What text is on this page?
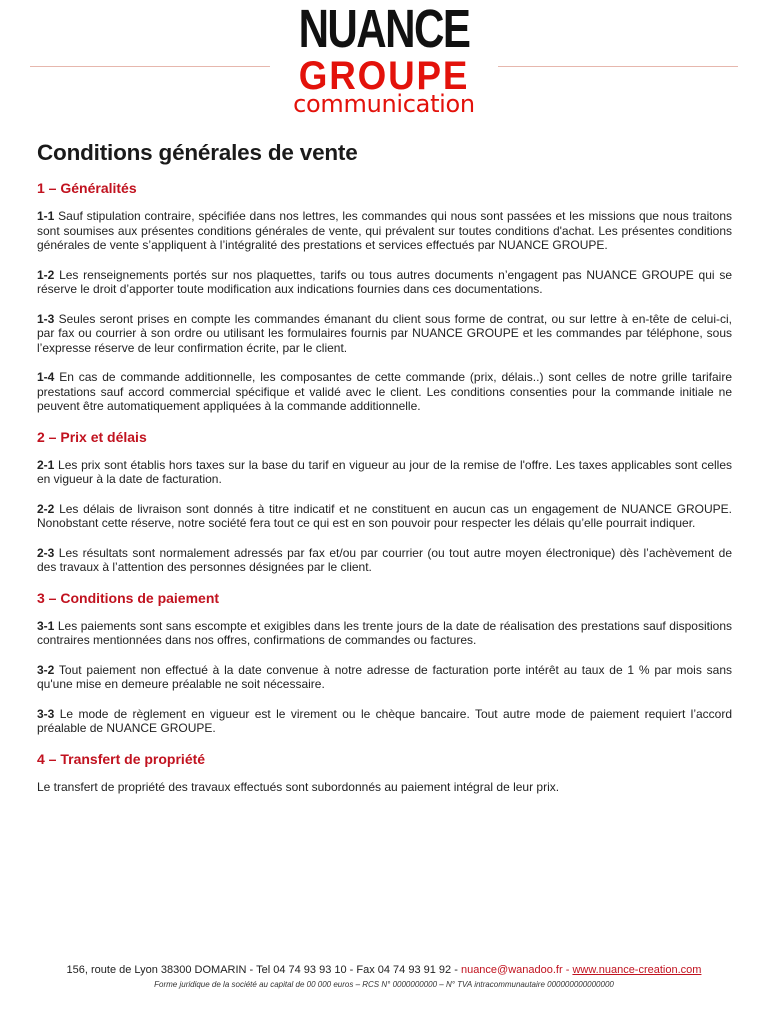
NUANCE
GROUPE
communication
Conditions générales de vente
1 – Généralités

1-1 Sauf stipulation contraire, spécifiée dans nos lettres, les commandes qui nous sont passées et les missions que nous traitons sont soumises aux présentes conditions générales de vente, qui prévalent sur toutes conditions d'achat. Les présentes conditions générales de vente s’appliquent à l’intégralité des prestations et services effectués par NUANCE GROUPE.

1-2 Les renseignements portés sur nos plaquettes, tarifs ou tous autres documents n’engagent pas NUANCE GROUPE qui se réserve le droit d’apporter toute modification aux indications fournies dans ces documentations.

1-3 Seules seront prises en compte les commandes émanant du client sous forme de contrat, ou sur lettre à en-tête de celui-ci, par fax ou courrier à son ordre ou utilisant les formulaires fournis par NUANCE GROUPE et les commandes par téléphone, sous l’expresse réserve de leur confirmation écrite, par le client.

1-4 En cas de commande additionnelle, les composantes de cette commande (prix, délais..) sont celles de notre grille tarifaire prestations sauf accord commercial spécifique et validé avec le client. Les conditions consenties pour la commande initiale ne peuvent être automatiquement appliquées à la commande additionnelle.

2 – Prix et délais

2-1 Les prix sont établis hors taxes sur la base du tarif en vigueur au jour de la remise de l'offre. Les taxes applicables sont celles en vigueur à la date de facturation.

2-2 Les délais de livraison sont donnés à titre indicatif et ne constituent en aucun cas un engagement de NUANCE GROUPE. Nonobstant cette réserve, notre société fera tout ce qui est en son pouvoir pour respecter les délais qu’elle pourrait indiquer.

2-3 Les résultats sont normalement adressés par fax et/ou par courrier (ou tout autre moyen électronique) dès l’achèvement de des travaux à l’attention des personnes désignées par le client.

3 – Conditions de paiement

3-1 Les paiements sont sans escompte et exigibles dans les trente jours de la date de réalisation des prestations sauf dispositions contraires mentionnées dans nos offres, confirmations de commandes ou factures.

3-2 Tout paiement non effectué à la date convenue à notre adresse de facturation porte intérêt au taux de 1 % par mois sans qu'une mise en demeure préalable ne soit nécessaire.

3-3 Le mode de règlement en vigueur est le virement ou le chèque bancaire. Tout autre mode de paiement requiert l’accord préalable de NUANCE GROUPE.

4 – Transfert de propriété

Le transfert de propriété des travaux effectués sont subordonnés au paiement intégral de leur prix.

156, route de Lyon 38300 DOMARIN - Tel 04 74 93 93 10 - Fax 04 74 93 91 92 - nuance@wanadoo.fr - www.nuance-creation.com
Forme juridique de la société au capital de 00 000 euros – RCS N° 0000000000 – N° TVA intracommunautaire 000000000000000
